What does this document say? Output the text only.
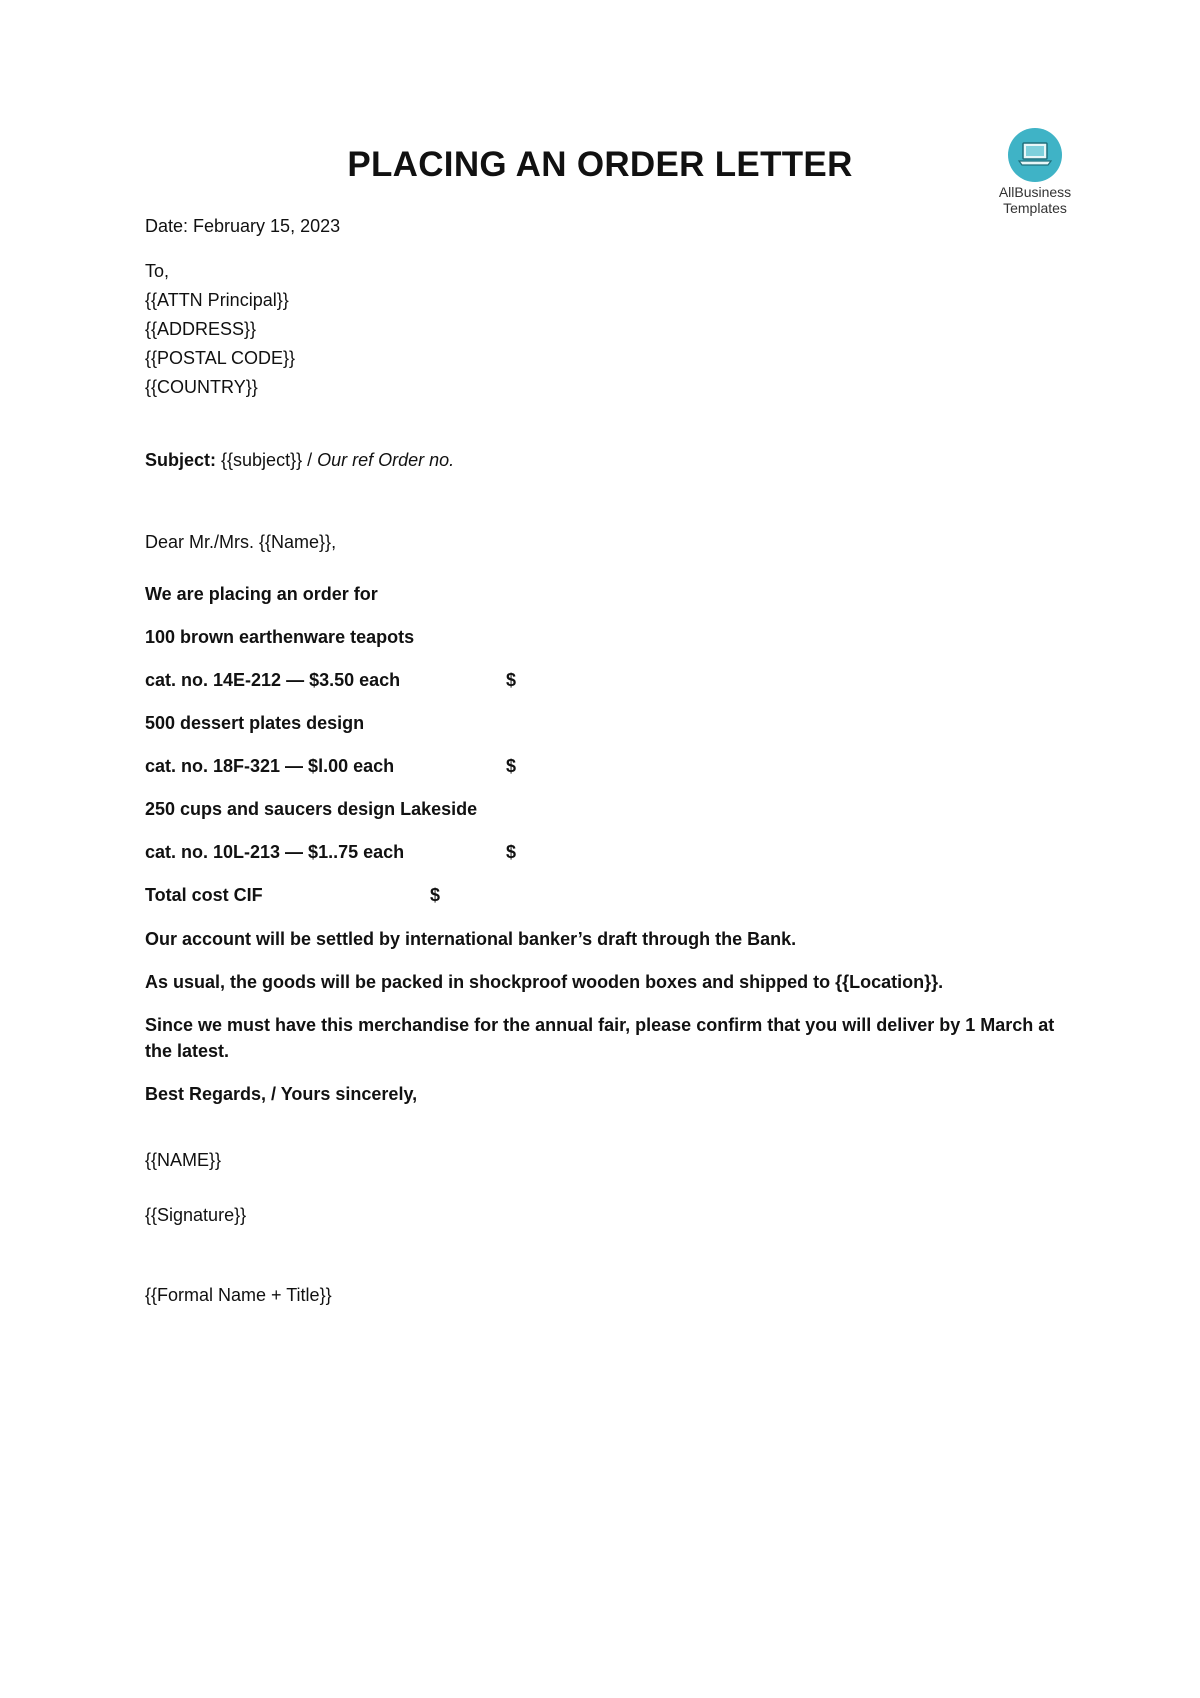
PLACING AN ORDER LETTER
AllBusiness
Templates
Date: February 15, 2023
To,
{{ATTN Principal}}
{{ADDRESS}}
{{POSTAL CODE}}
{{COUNTRY}}
Subject: {{subject}} / Our ref Order no.
Dear Mr./Mrs. {{Name}},
We are placing an order for
100 brown earthenware teapots
cat. no. 14E-212 — $3.50 each	$
500 dessert plates design
cat. no. 18F-321 — $l.00 each	$
250 cups and saucers design Lakeside
cat. no. 10L-213 — $1..75 each	$
Total cost CIF	$
Our account will be settled by international banker’s draft through the Bank.
As usual, the goods will be packed in shockproof wooden boxes and shipped to {{Location}}.
Since we must have this merchandise for the annual fair, please confirm that you will deliver by 1 March at the latest.
Best Regards, / Yours sincerely,
{{NAME}}
{{Signature}}
{{Formal Name + Title}}
